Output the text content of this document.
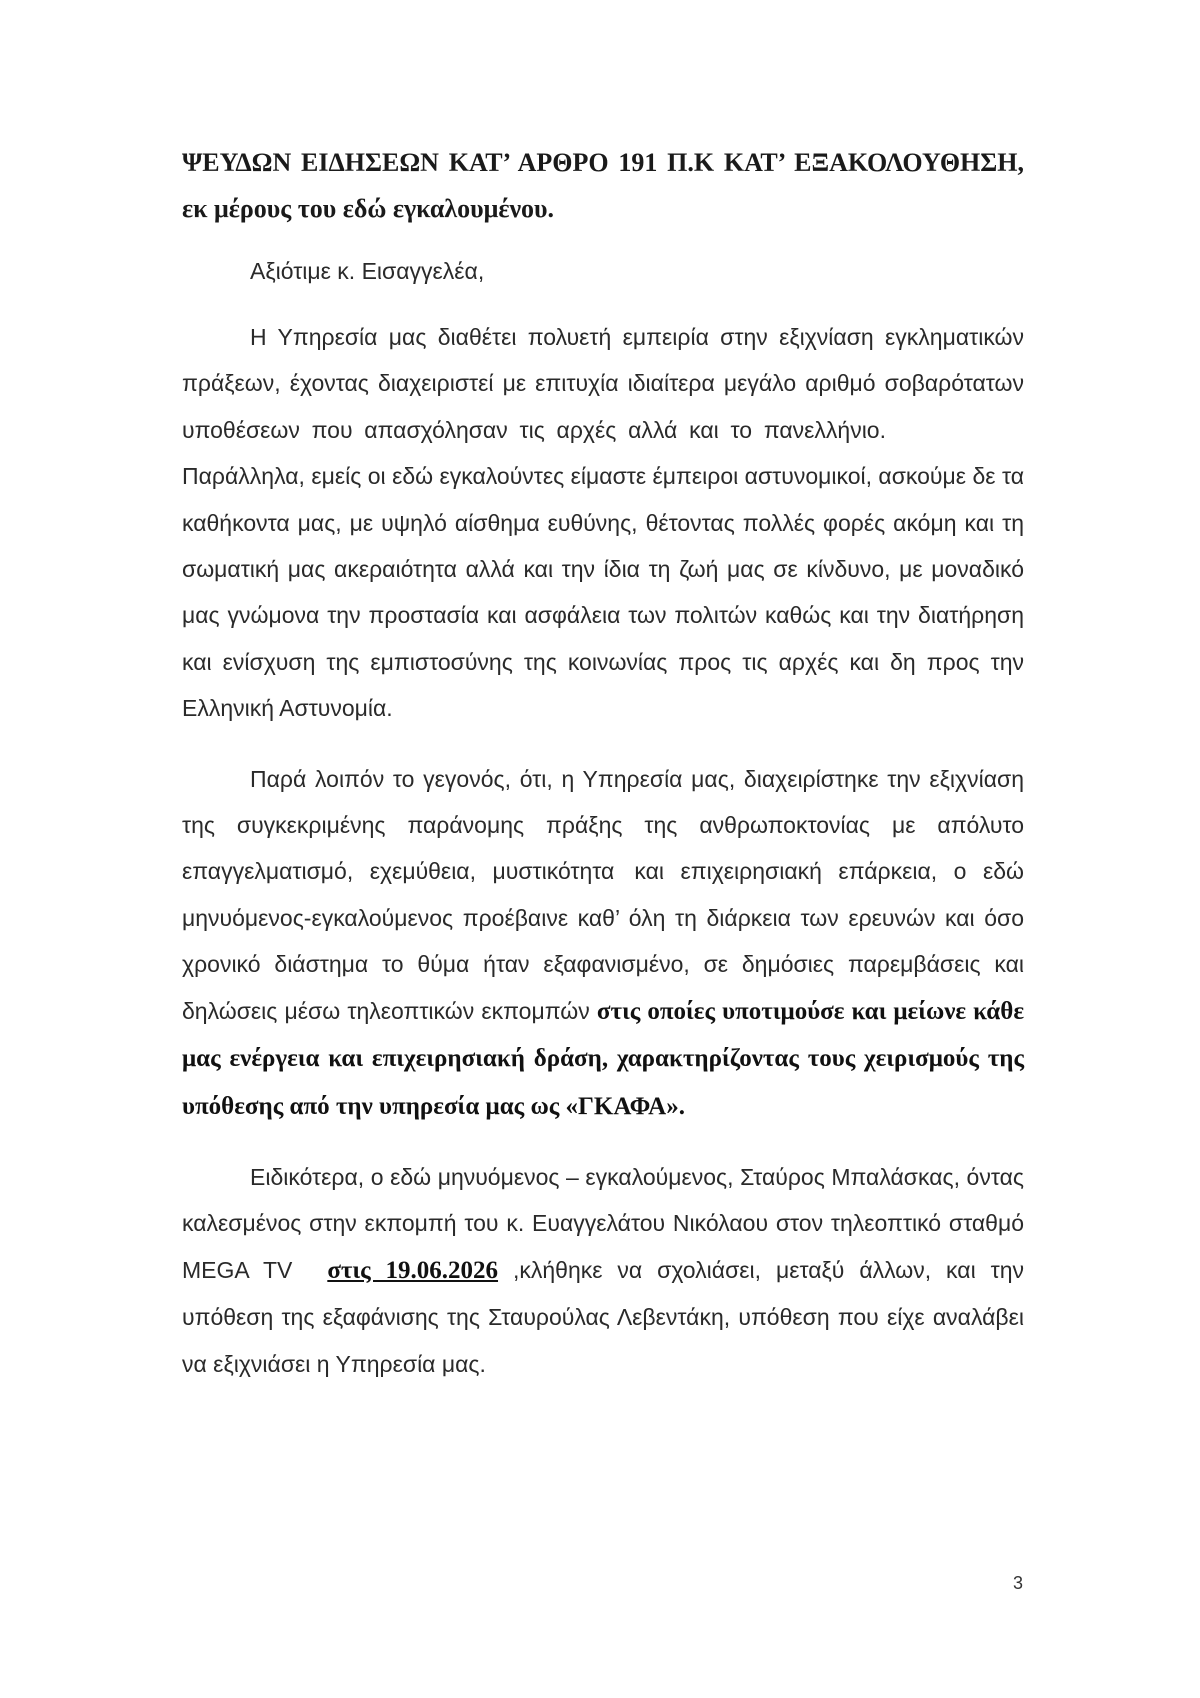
ΨΕΥΔΩΝ ΕΙΔΗΣΕΩΝ ΚΑΤ’ ΑΡΘΡΟ 191 Π.Κ ΚΑΤ’ ΕΞΑΚΟΛΟΥΘΗΣΗ, εκ μέρους του εδώ εγκαλουμένου.

Αξιότιμε κ. Εισαγγελέα,

Η Υπηρεσία μας διαθέτει πολυετή εμπειρία στην εξιχνίαση εγκληματικών πράξεων, έχοντας διαχειριστεί με επιτυχία ιδιαίτερα μεγάλο αριθμό σοβαρότατων υποθέσεων που απασχόλησαν τις αρχές αλλά και το πανελλήνιο.Παράλληλα, εμείς οι εδώ εγκαλούντες είμαστε έμπειροι αστυνομικοί, ασκούμε δε τα καθήκοντα μας, με υψηλό αίσθημα ευθύνης, θέτοντας πολλές φορές ακόμη και τη σωματική μας ακεραιότητα αλλά και την ίδια τη ζωή μας σε κίνδυνο, με μοναδικό μας γνώμονα την προστασία και ασφάλεια των πολιτών καθώς και την διατήρηση και ενίσχυση της εμπιστοσύνης της κοινωνίας προς τις αρχές και δη προς την Ελληνική Αστυνομία.

Παρά λοιπόν το γεγονός, ότι, η Υπηρεσία μας, διαχειρίστηκε την εξιχνίαση της συγκεκριμένης παράνομης πράξης της ανθρωποκτονίας με απόλυτο επαγγελματισμό, εχεμύθεια, μυστικότητα και επιχειρησιακή επάρκεια, ο εδώ μηνυόμενος-εγκαλούμενος προέβαινε καθ’ όλη τη διάρκεια των ερευνών και όσο χρονικό διάστημα το θύμα ήταν εξαφανισμένο, σε δημόσιες παρεμβάσεις και δηλώσεις μέσω τηλεοπτικών εκπομπών στις οποίες υποτιμούσε και μείωνε κάθε μας ενέργεια και επιχειρησιακή δράση, χαρακτηρίζοντας τους χειρισμούς της υπόθεσης από την υπηρεσία μας ως «ΓΚΑΦΑ».

Ειδικότερα, ο εδώ μηνυόμενος – εγκαλούμενος, Σταύρος Μπαλάσκας, όντας καλεσμένος στην εκπομπή του κ. Ευαγγελάτου Νικόλαου στον τηλεοπτικό σταθμό MEGA TV στις 19.06.2026 ,κλήθηκε να σχολιάσει, μεταξύ άλλων, και την υπόθεση της εξαφάνισης της Σταυρούλας Λεβεντάκη, υπόθεση που είχε αναλάβει να εξιχνιάσει η Υπηρεσία μας.

3
